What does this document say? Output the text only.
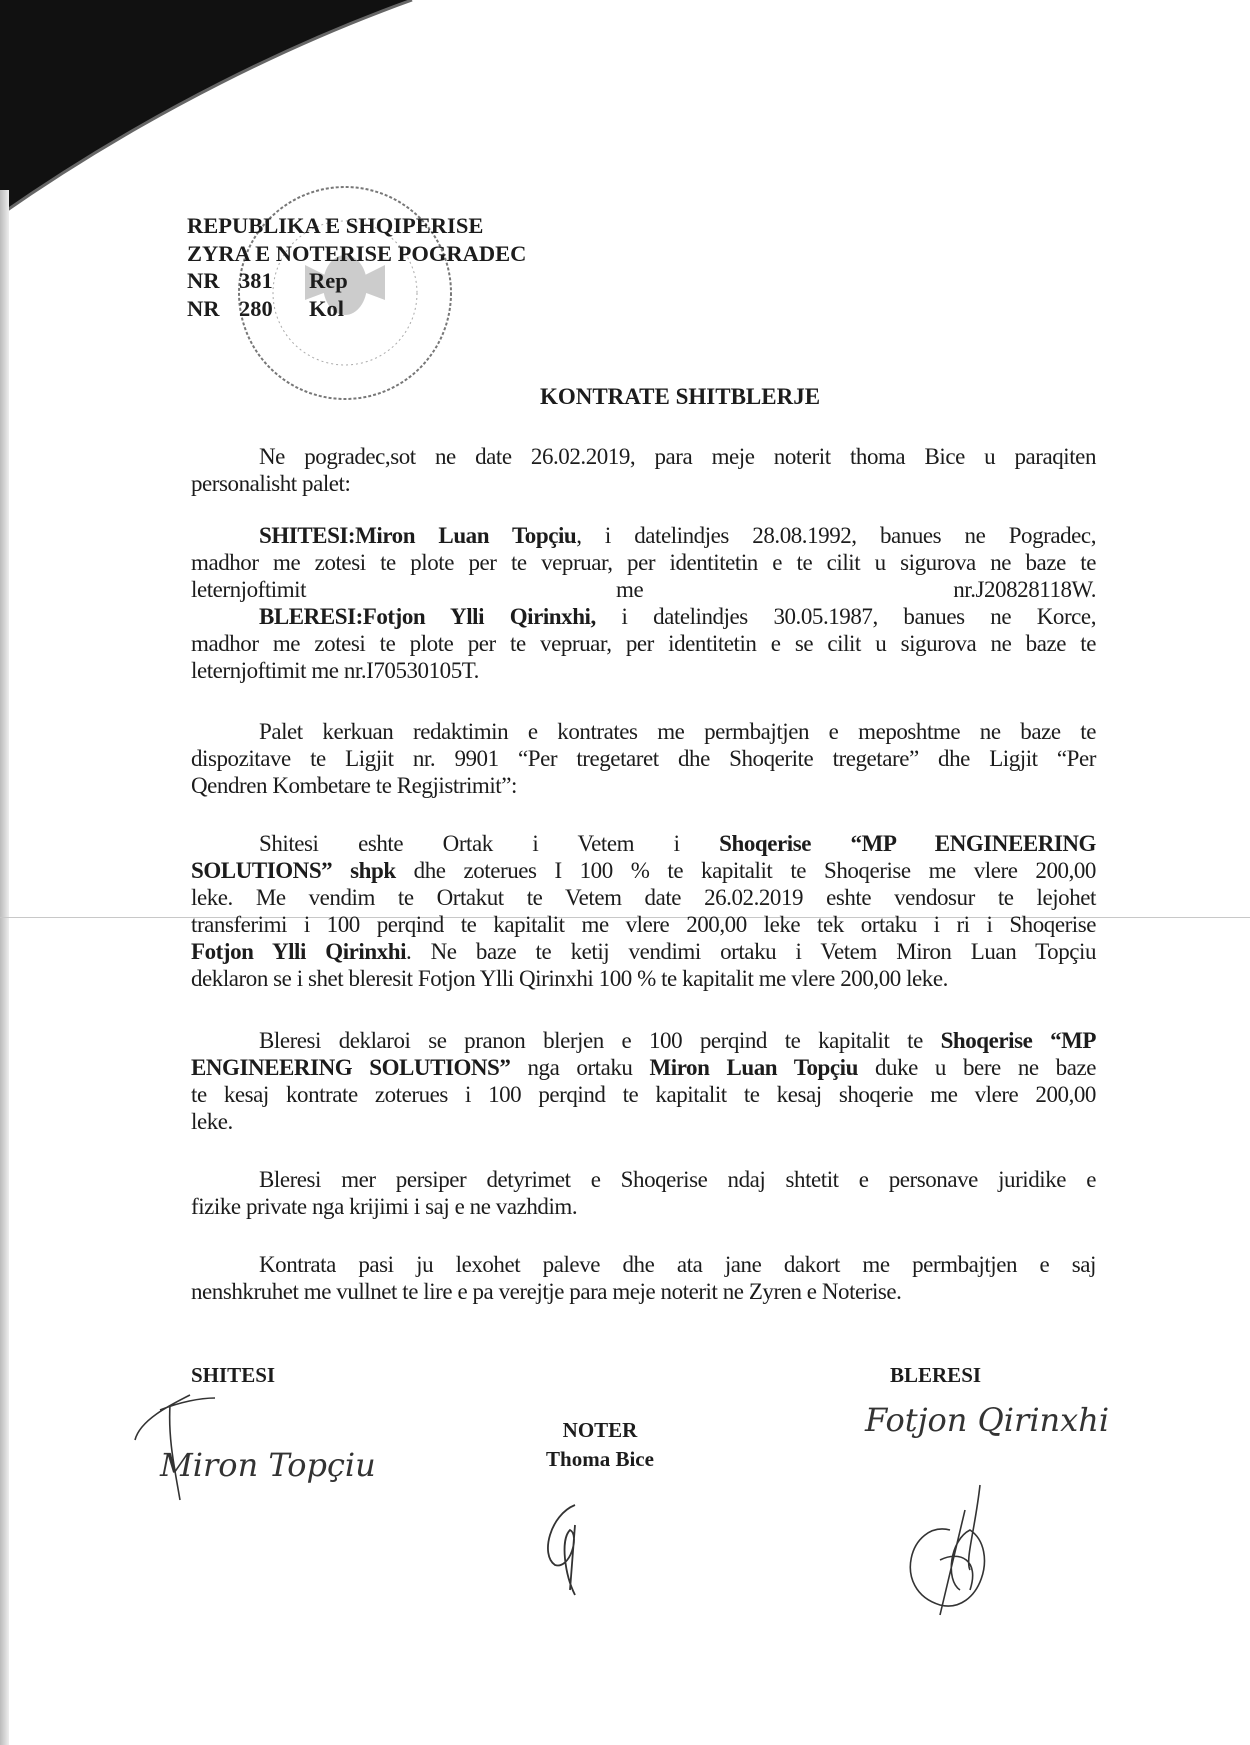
REPUBLIKA E SHQIPERISE
ZYRA E NOTERISE POGRADEC
NR 381 Rep
NR 280 Kol
KONTRATE SHITBLERJE
Ne pogradec,sot ne date 26.02.2019, para meje noterit thoma Bice u paraqiten
personalisht palet:
SHITESI:Miron Luan Topçiu, i datelindjes 28.08.1992, banues ne Pogradec,
madhor me zotesi te plote per te vepruar, per identitetin e te cilit u sigurova ne baze te
leternjoftimit me nr.J20828118W.
BLERESI:Fotjon Ylli Qirinxhi, i datelindjes 30.05.1987, banues ne Korce,
madhor me zotesi te plote per te vepruar, per identitetin e se cilit u sigurova ne baze te
leternjoftimit me nr.I70530105T.
Palet kerkuan redaktimin e kontrates me permbajtjen e meposhtme ne baze te
dispozitave te Ligjit nr. 9901 “Per tregetaret dhe Shoqerite tregetare” dhe Ligjit “Per
Qendren Kombetare te Regjistrimit”:
Shitesi eshte Ortak i Vetem i Shoqerise “MP ENGINEERING
SOLUTIONS” shpk dhe zoterues I 100 % te kapitalit te Shoqerise me vlere 200,00
leke. Me vendim te Ortakut te Vetem date 26.02.2019 eshte vendosur te lejohet
transferimi i 100 perqind te kapitalit me vlere 200,00 leke tek ortaku i ri i Shoqerise
Fotjon Ylli Qirinxhi. Ne baze te ketij vendimi ortaku i Vetem Miron Luan Topçiu
deklaron se i shet bleresit Fotjon Ylli Qirinxhi 100 % te kapitalit me vlere 200,00 leke.
Bleresi deklaroi se pranon blerjen e 100 perqind te kapitalit te Shoqerise “MP
ENGINEERING SOLUTIONS” nga ortaku Miron Luan Topçiu duke u bere ne baze
te kesaj kontrate zoterues i 100 perqind te kapitalit te kesaj shoqerie me vlere 200,00
leke.
Bleresi mer persiper detyrimet e Shoqerise ndaj shtetit e personave juridike e
fizike private nga krijimi i saj e ne vazhdim.
Kontrata pasi ju lexohet paleve dhe ata jane dakort me permbajtjen e saj
nenshkruhet me vullnet te lire e pa verejtje para meje noterit ne Zyren e Noterise.
SHITESI	BLERESI
NOTER
Thoma Bice
Miron Topçiu
Fotjon Qirinxhi
